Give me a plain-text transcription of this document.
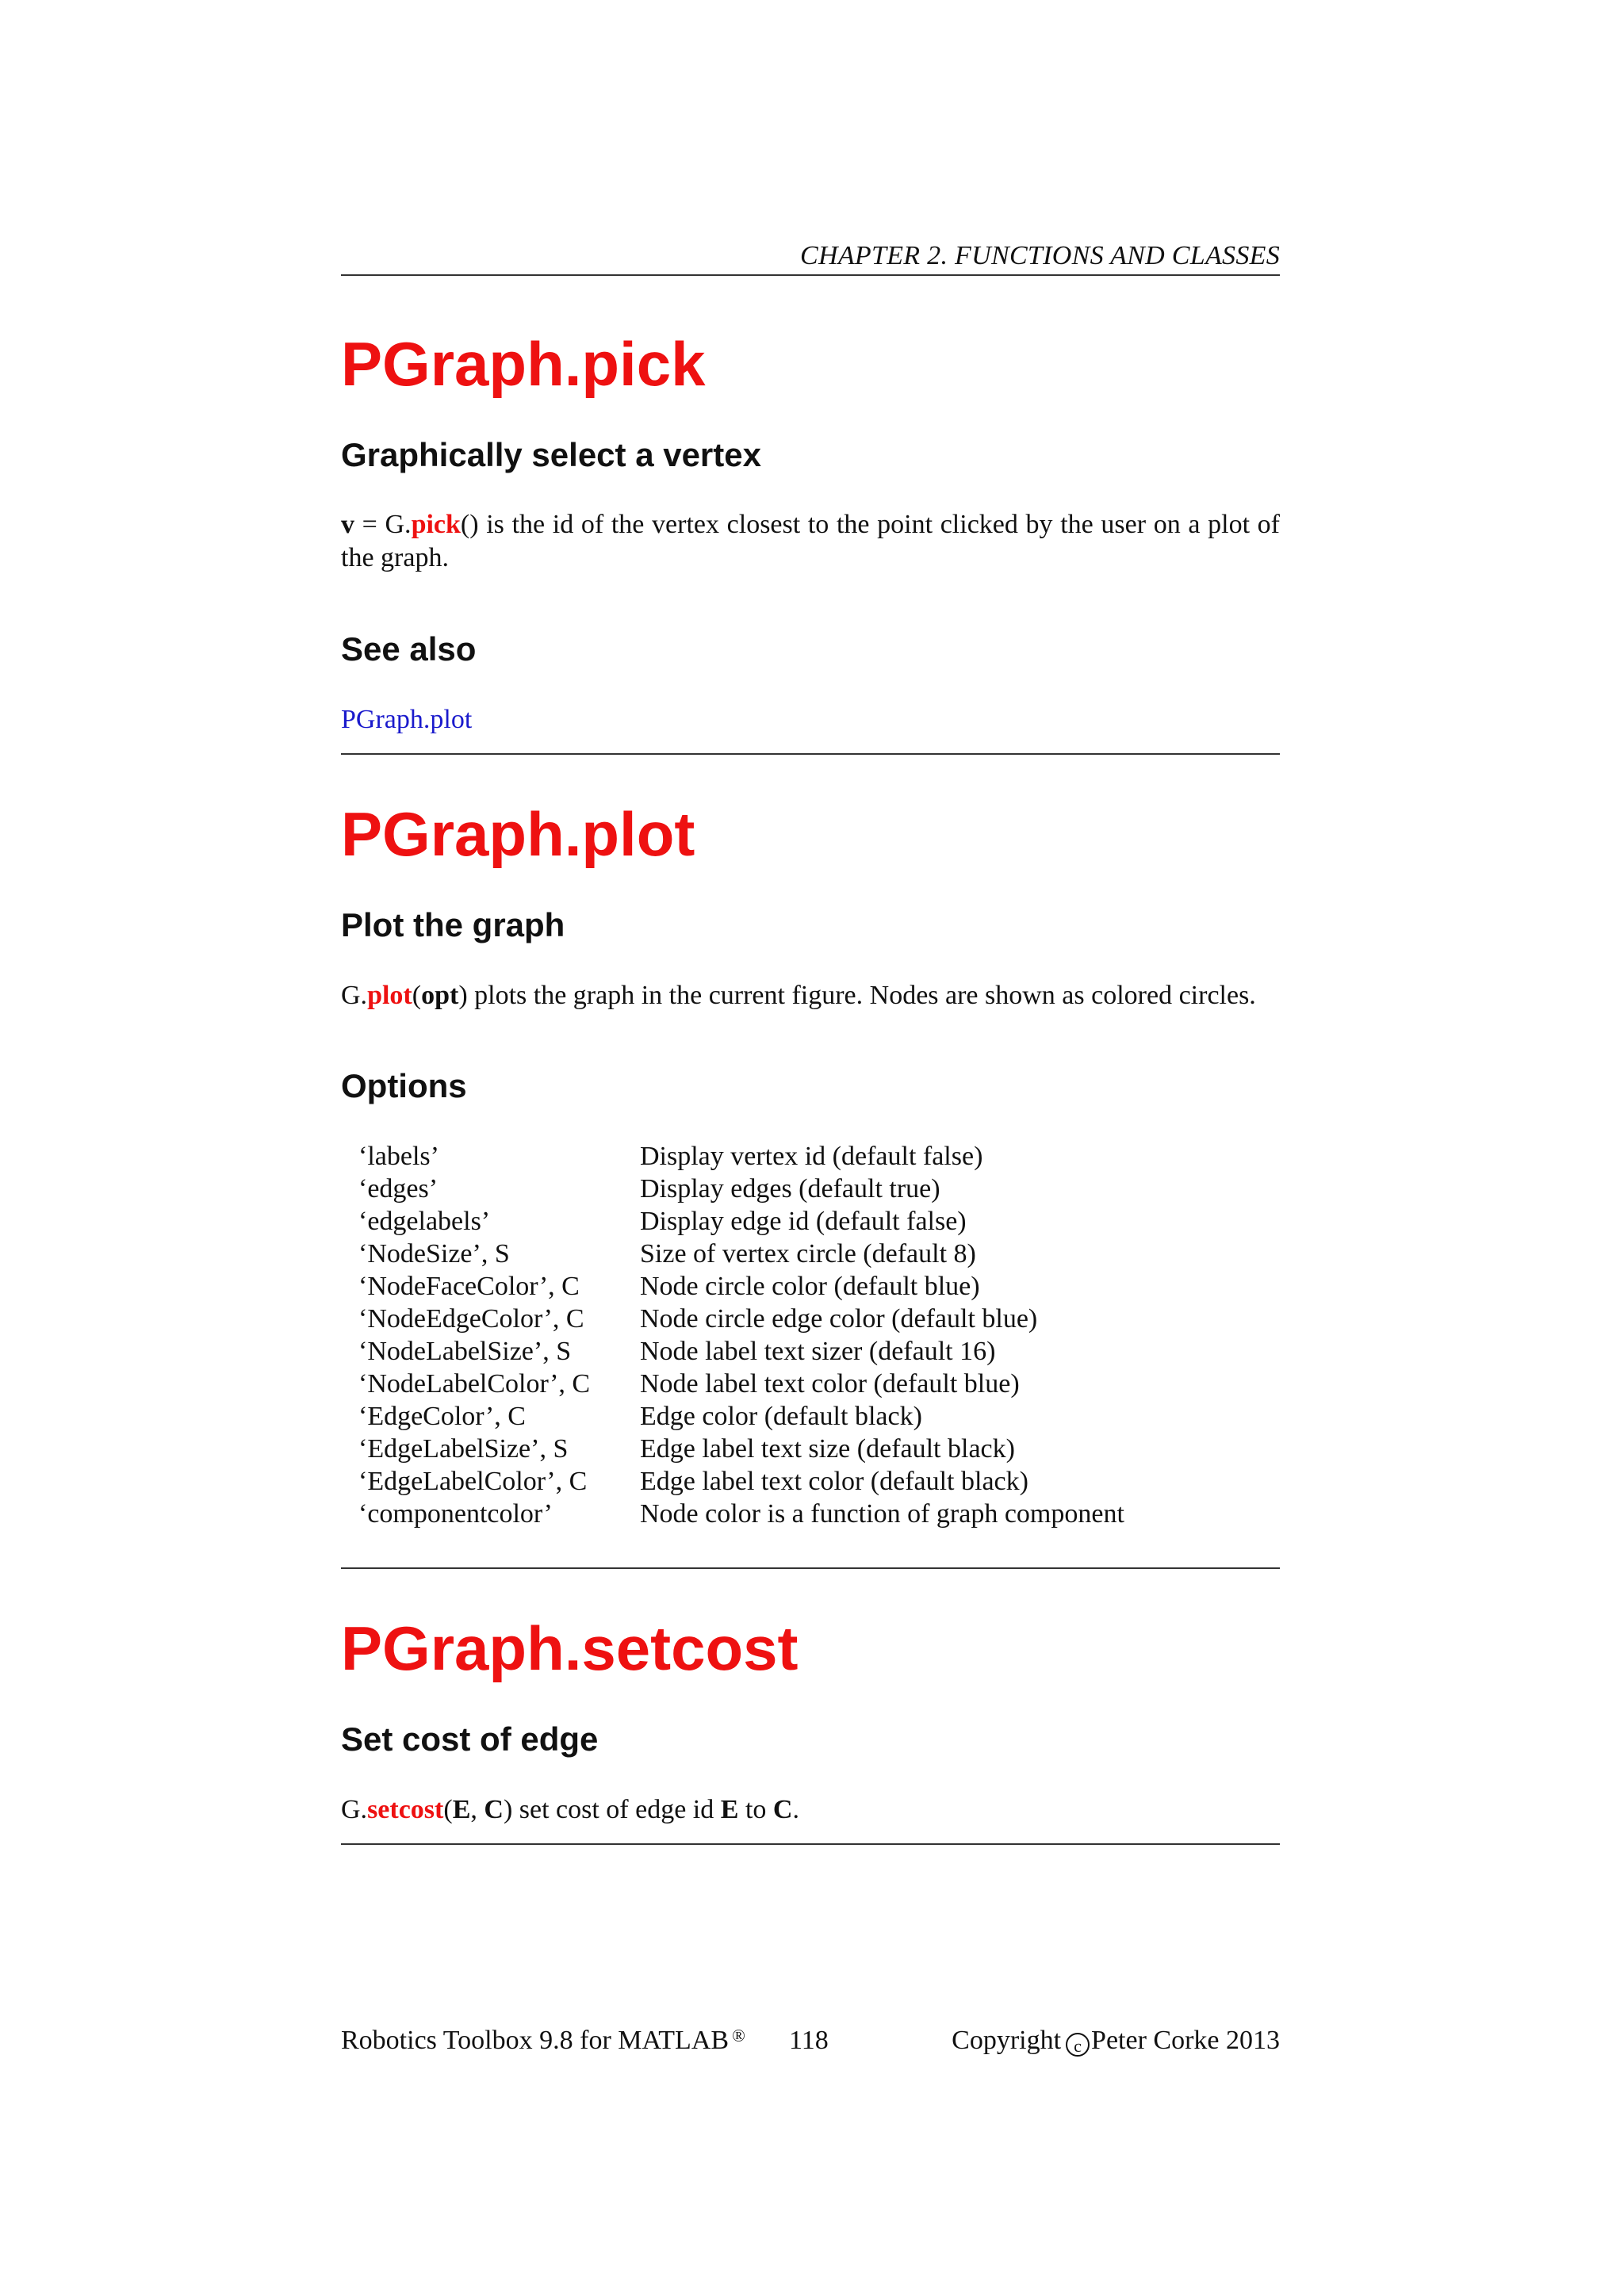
CHAPTER 2. FUNCTIONS AND CLASSES
PGraph.pick
Graphically select a vertex

v = G.pick() is the id of the vertex closest to the point clicked by the user on a plot of the graph.

See also
PGraph.plot
PGraph.plot
Plot the graph

G.plot(opt) plots the graph in the current figure. Nodes are shown as colored circles.

Options
‘labels’	Display vertex id (default false)
‘edges’	Display edges (default true)
‘edgelabels’	Display edge id (default false)
‘NodeSize’, S	Size of vertex circle (default 8)
‘NodeFaceColor’, C	Node circle color (default blue)
‘NodeEdgeColor’, C	Node circle edge color (default blue)
‘NodeLabelSize’, S	Node label text sizer (default 16)
‘NodeLabelColor’, C	Node label text color (default blue)
‘EdgeColor’, C	Edge color (default black)
‘EdgeLabelSize’, S	Edge label text size (default black)
‘EdgeLabelColor’, C	Edge label text color (default black)
‘componentcolor’	Node color is a function of graph component
PGraph.setcost
Set cost of edge

G.setcost(E, C) set cost of edge id E to C.

Robotics Toolbox 9.8 for MATLAB ® 118	Copyright c Peter Corke 2013
